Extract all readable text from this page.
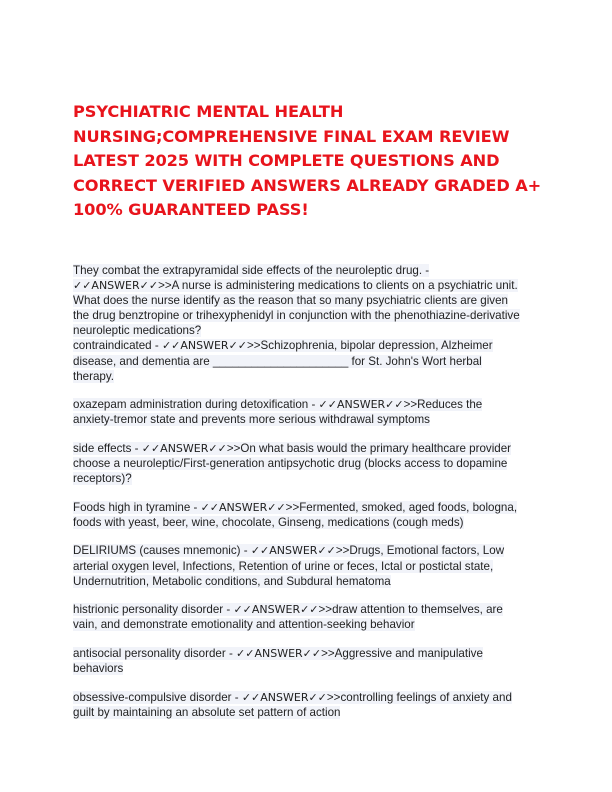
PSYCHIATRIC MENTAL HEALTH
NURSING;COMPREHENSIVE FINAL EXAM REVIEW
LATEST 2025 WITH COMPLETE QUESTIONS AND
CORRECT VERIFIED ANSWERS ALREADY GRADED A+
100% GUARANTEED PASS!
They combat the extrapyramidal side effects of the neuroleptic drug. -
✓✓ANSWER✓✓>>A nurse is administering medications to clients on a psychiatric unit.
What does the nurse identify as the reason that so many psychiatric clients are given
the drug benztropine or trihexyphenidyl in conjunction with the phenothiazine-derivative
neuroleptic medications?
contraindicated - ✓✓ANSWER✓✓>>Schizophrenia, bipolar depression, Alzheimer
disease, and dementia are _____________________ for St. John's Wort herbal
therapy.
oxazepam administration during detoxification - ✓✓ANSWER✓✓>>Reduces the
anxiety-tremor state and prevents more serious withdrawal symptoms
side effects - ✓✓ANSWER✓✓>>On what basis would the primary healthcare provider
choose a neuroleptic/First-generation antipsychotic drug (blocks access to dopamine
receptors)?
Foods high in tyramine - ✓✓ANSWER✓✓>>Fermented, smoked, aged foods, bologna,
foods with yeast, beer, wine, chocolate, Ginseng, medications (cough meds)
DELIRIUMS (causes mnemonic) - ✓✓ANSWER✓✓>>Drugs, Emotional factors, Low
arterial oxygen level, Infections, Retention of urine or feces, Ictal or postictal state,
Undernutrition, Metabolic conditions, and Subdural hematoma
histrionic personality disorder - ✓✓ANSWER✓✓>>draw attention to themselves, are
vain, and demonstrate emotionality and attention-seeking behavior
antisocial personality disorder - ✓✓ANSWER✓✓>>Aggressive and manipulative
behaviors
obsessive-compulsive disorder - ✓✓ANSWER✓✓>>controlling feelings of anxiety and
guilt by maintaining an absolute set pattern of action
